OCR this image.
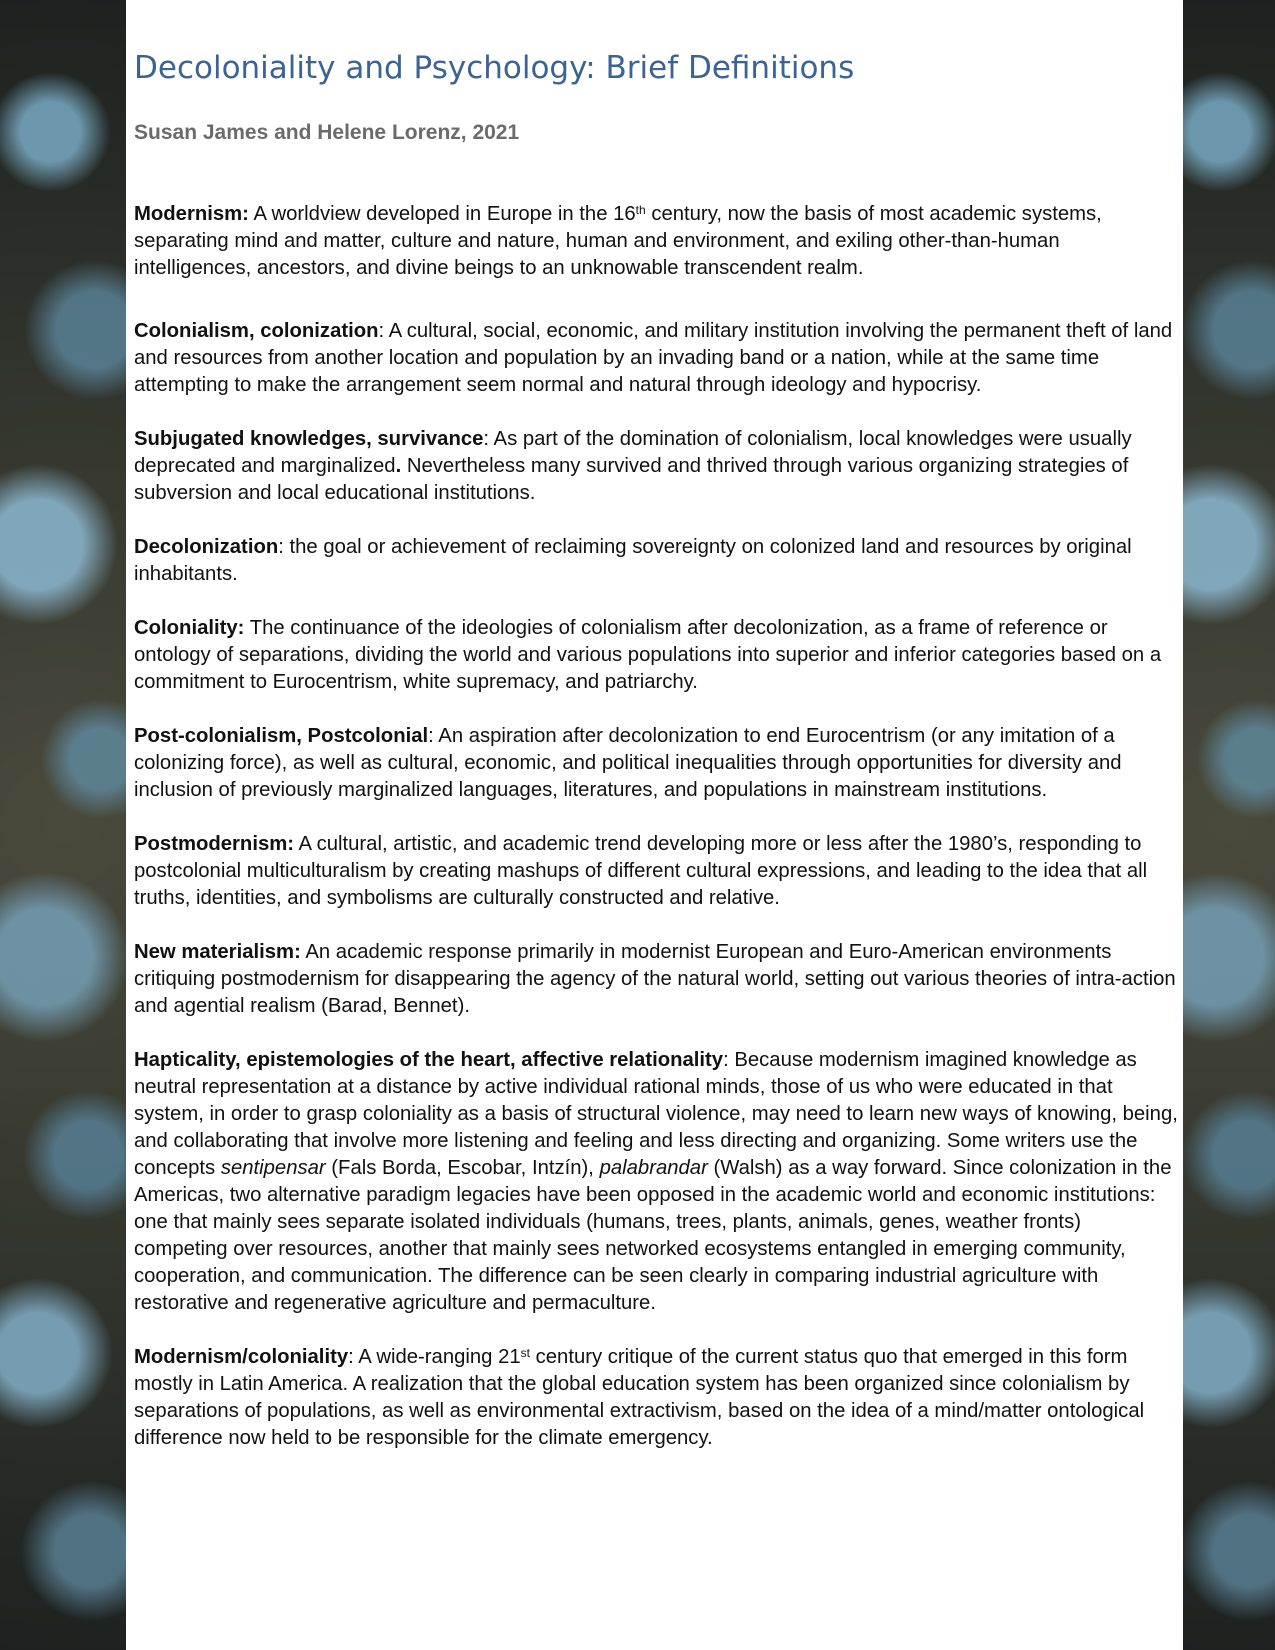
Decoloniality and Psychology: Brief Definitions
Susan James and Helene Lorenz, 2021

Modernism: A worldview developed in Europe in the 16th century, now the basis of most academic systems, separating mind and matter, culture and nature, human and environment, and exiling other-than-human intelligences, ancestors, and divine beings to an unknowable transcendent realm.

Colonialism, colonization: A cultural, social, economic, and military institution involving the permanent theft of land and resources from another location and population by an invading band or a nation, while at the same time attempting to make the arrangement seem normal and natural through ideology and hypocrisy.

Subjugated knowledges, survivance: As part of the domination of colonialism, local knowledges were usually deprecated and marginalized. Nevertheless many survived and thrived through various organizing strategies of subversion and local educational institutions.

Decolonization: the goal or achievement of reclaiming sovereignty on colonized land and resources by original inhabitants.

Coloniality: The continuance of the ideologies of colonialism after decolonization, as a frame of reference or ontology of separations, dividing the world and various populations into superior and inferior categories based on a commitment to Eurocentrism, white supremacy, and patriarchy.

Post-colonialism, Postcolonial: An aspiration after decolonization to end Eurocentrism (or any imitation of a colonizing force), as well as cultural, economic, and political inequalities through opportunities for diversity and inclusion of previously marginalized languages, literatures, and populations in mainstream institutions.

Postmodernism: A cultural, artistic, and academic trend developing more or less after the 1980’s, responding to postcolonial multiculturalism by creating mashups of different cultural expressions, and leading to the idea that all truths, identities, and symbolisms are culturally constructed and relative.

New materialism: An academic response primarily in modernist European and Euro-American environments critiquing postmodernism for disappearing the agency of the natural world, setting out various theories of intra-action and agential realism (Barad, Bennet).

Hapticality, epistemologies of the heart, affective relationality: Because modernism imagined knowledge as neutral representation at a distance by active individual rational minds, those of us who were educated in that system, in order to grasp coloniality as a basis of structural violence, may need to learn new ways of knowing, being, and collaborating that involve more listening and feeling and less directing and organizing. Some writers use the concepts sentipensar (Fals Borda, Escobar, Intzín), palabrandar (Walsh) as a way forward. Since colonization in the Americas, two alternative paradigm legacies have been opposed in the academic world and economic institutions: one that mainly sees separate isolated individuals (humans, trees, plants, animals, genes, weather fronts) competing over resources, another that mainly sees networked ecosystems entangled in emerging community, cooperation, and communication. The difference can be seen clearly in comparing industrial agriculture with restorative and regenerative agriculture and permaculture.

Modernism/coloniality: A wide-ranging 21st century critique of the current status quo that emerged in this form mostly in Latin America. A realization that the global education system has been organized since colonialism by separations of populations, as well as environmental extractivism, based on the idea of a mind/matter ontological difference now held to be responsible for the climate emergency.
